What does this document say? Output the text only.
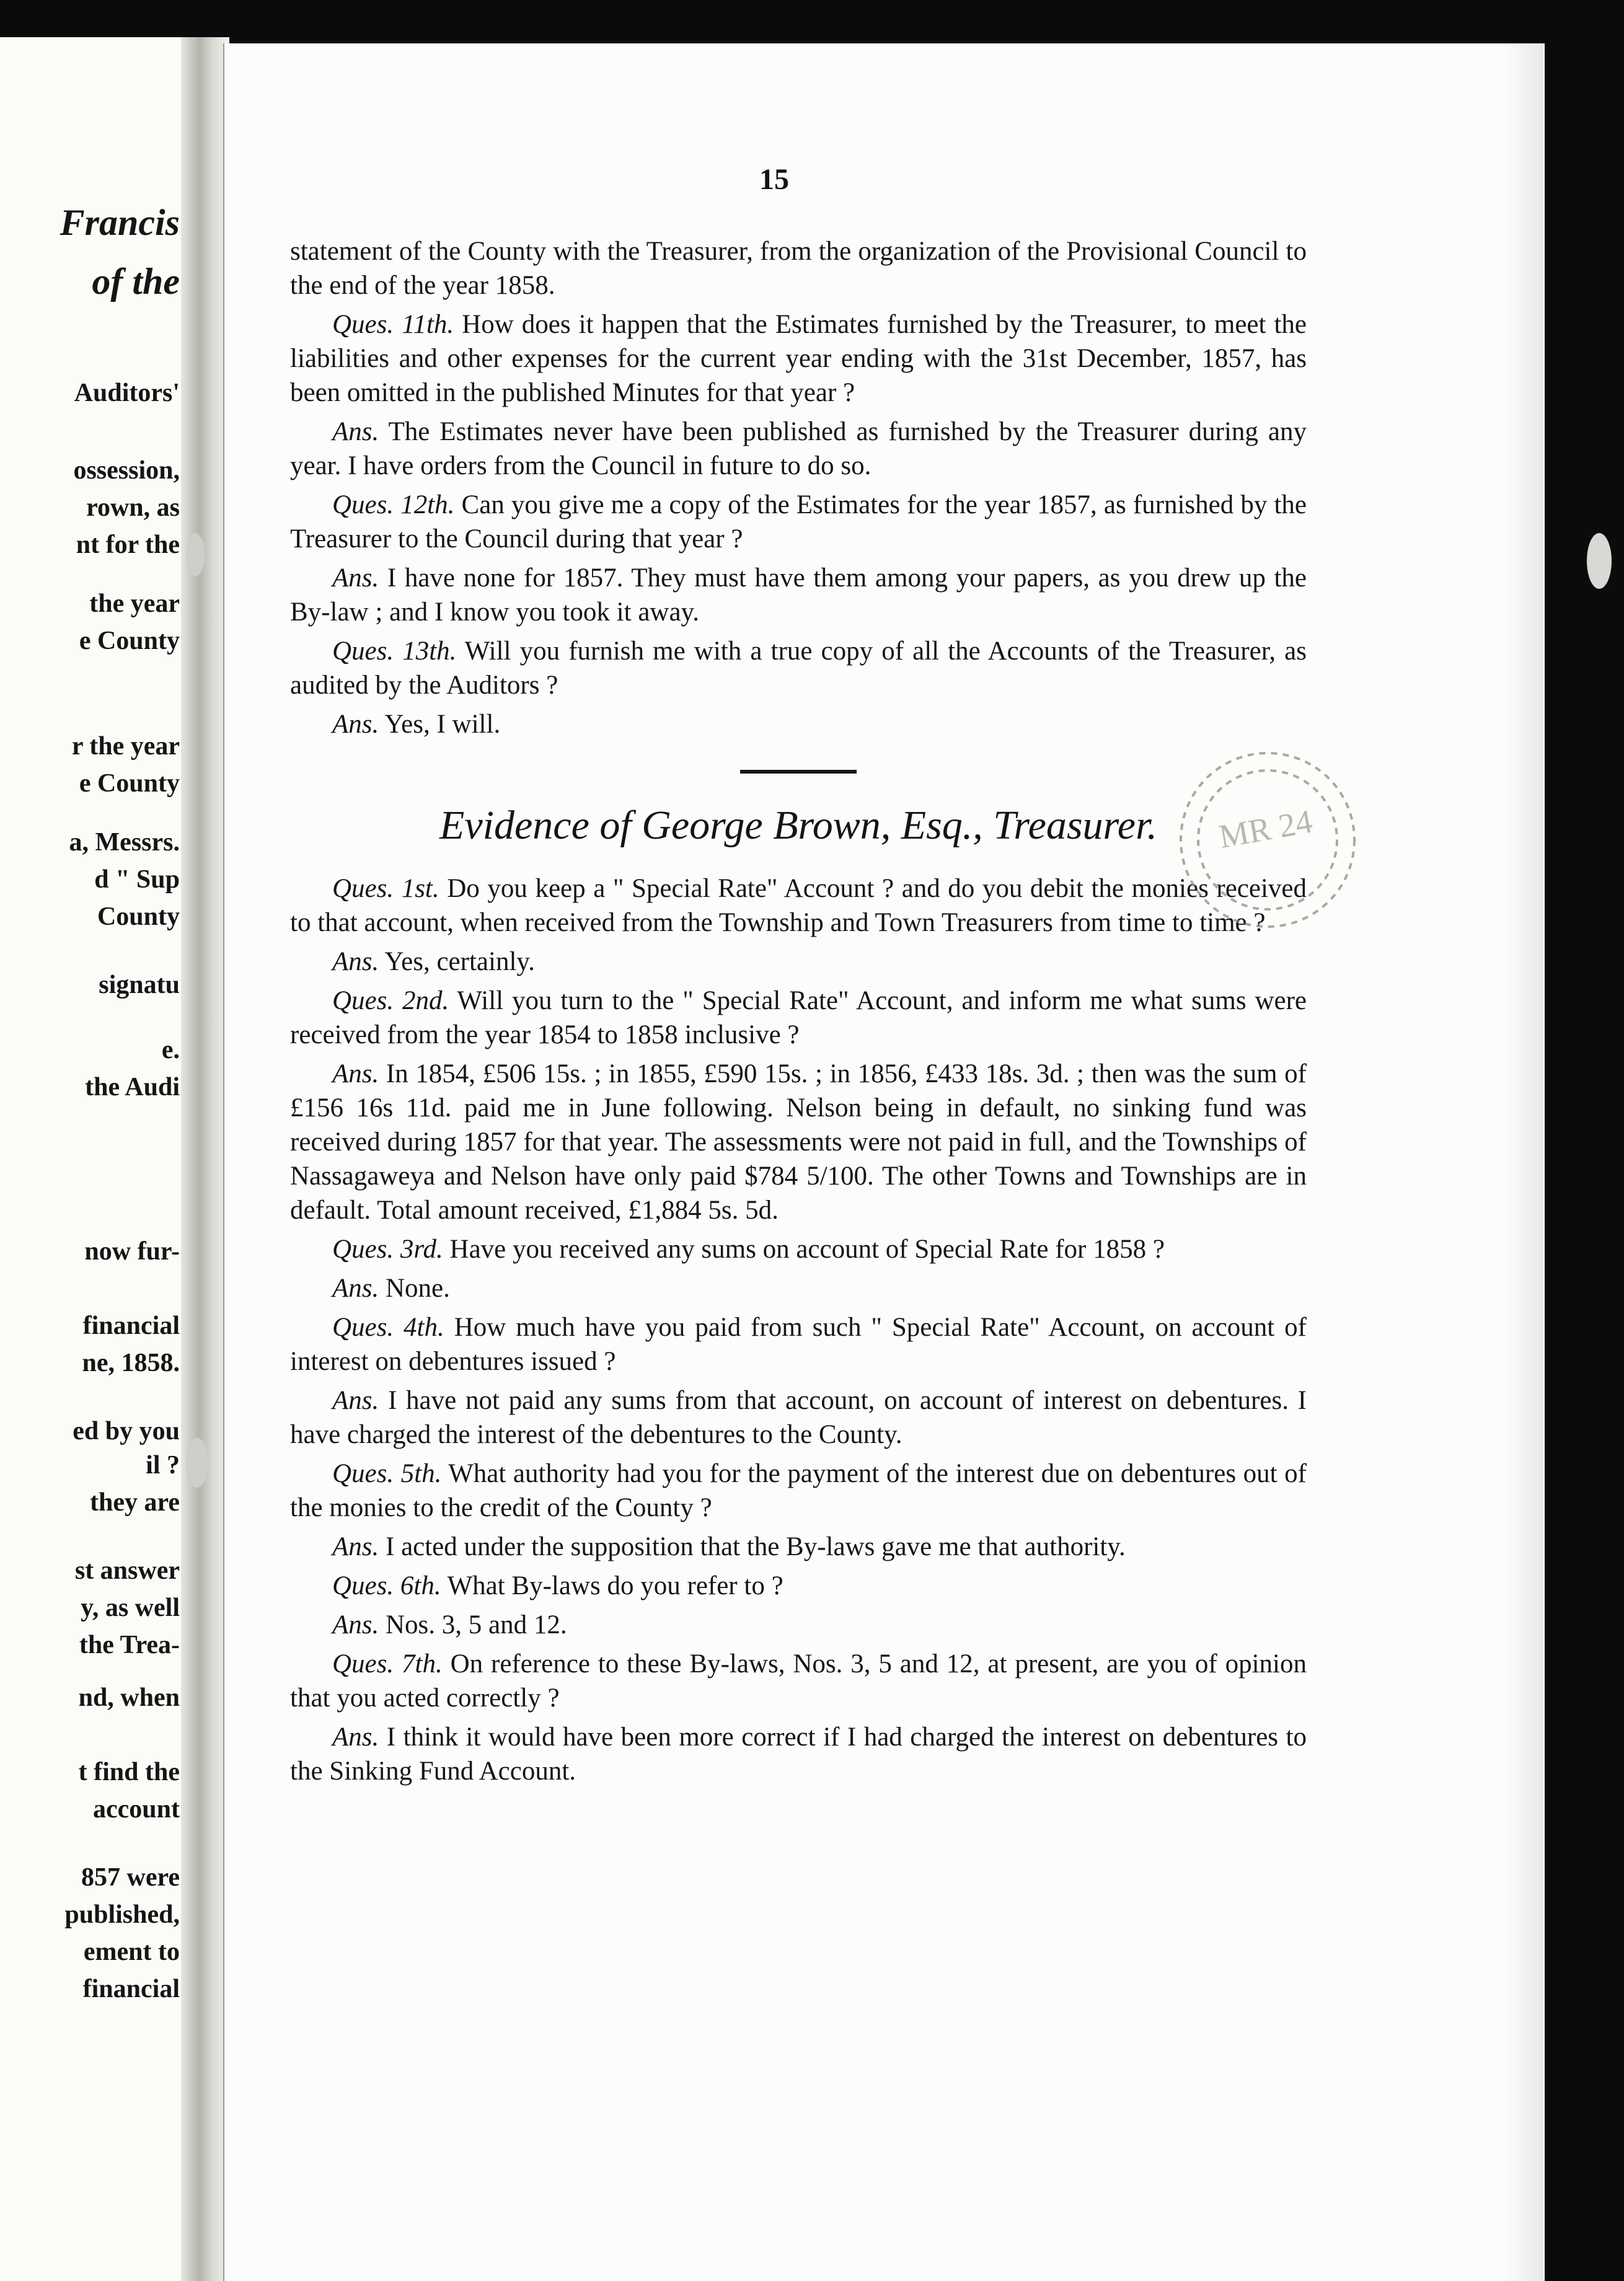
Francis
of the
Auditors'
ossession,
rown, as
nt for the
the year
e County
r the year
e County
a, Messrs.
d " Sup
County
signatu
e.
the Audi
now fur-
financial
ne, 1858.
ed by you
il ?
they are
st answer
y, as well
the Trea-
nd, when
t find the
account
857 were
published,
ement to
financial
15

statement of the County with the Treasurer, from the organization of the Provisional Council to the end of the year 1858.

Ques. 11th. How does it happen that the Estimates furnished by the Treasurer, to meet the liabilities and other expenses for the current year ending with the 31st December, 1857, has been omitted in the published Minutes for that year ?

Ans. The Estimates never have been published as furnished by the Treasurer during any year. I have orders from the Council in future to do so.

Ques. 12th. Can you give me a copy of the Estimates for the year 1857, as furnished by the Treasurer to the Council during that year ?

Ans. I have none for 1857. They must have them among your papers, as you drew up the By-law ; and I know you took it away.

Ques. 13th. Will you furnish me with a true copy of all the Accounts of the Treasurer, as audited by the Auditors ?

Ans. Yes, I will.

Evidence of George Brown, Esq., Treasurer.

Ques. 1st. Do you keep a " Special Rate" Account ? and do you debit the monies received to that account, when received from the Township and Town Treasurers from time to time ?

Ans. Yes, certainly.

Ques. 2nd. Will you turn to the " Special Rate" Account, and inform me what sums were received from the year 1854 to 1858 inclusive ?

Ans. In 1854, £506 15s. ; in 1855, £590 15s. ; in 1856, £433 18s. 3d. ; then was the sum of £156 16s 11d. paid me in June following. Nelson being in default, no sinking fund was received during 1857 for that year. The assessments were not paid in full, and the Townships of Nassagaweya and Nelson have only paid $784 5/100. The other Towns and Townships are in default. Total amount received, £1,884 5s. 5d.

Ques. 3rd. Have you received any sums on account of Special Rate for 1858 ?

Ans. None.

Ques. 4th. How much have you paid from such " Special Rate" Account, on account of interest on debentures issued ?

Ans. I have not paid any sums from that account, on account of interest on debentures. I have charged the interest of the debentures to the County.

Ques. 5th. What authority had you for the payment of the interest due on debentures out of the monies to the credit of the County ?

Ans. I acted under the supposition that the By-laws gave me that authority.

Ques. 6th. What By-laws do you refer to ?

Ans. Nos. 3, 5 and 12.

Ques. 7th. On reference to these By-laws, Nos. 3, 5 and 12, at present, are you of opinion that you acted correctly ?

Ans. I think it would have been more correct if I had charged the interest on debentures to the Sinking Fund Account.

MR 24
